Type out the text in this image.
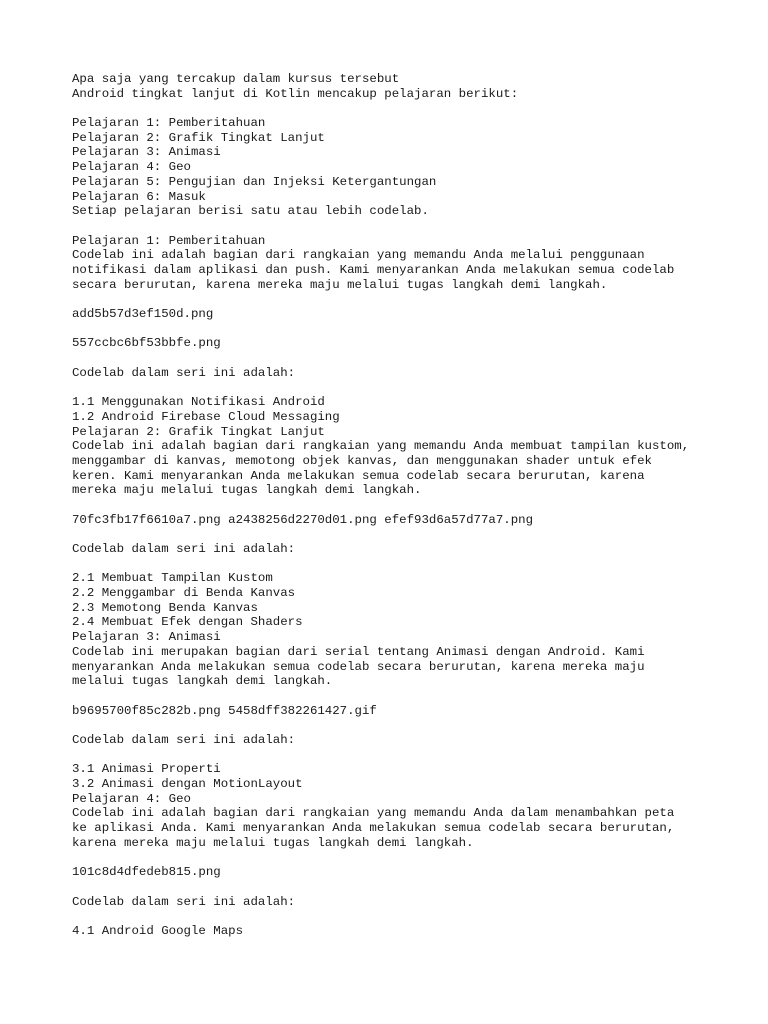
Apa saja yang tercakup dalam kursus tersebut
Android tingkat lanjut di Kotlin mencakup pelajaran berikut:
Pelajaran 1: Pemberitahuan
Pelajaran 2: Grafik Tingkat Lanjut
Pelajaran 3: Animasi
Pelajaran 4: Geo
Pelajaran 5: Pengujian dan Injeksi Ketergantungan
Pelajaran 6: Masuk
Setiap pelajaran berisi satu atau lebih codelab.
Pelajaran 1: Pemberitahuan
Codelab ini adalah bagian dari rangkaian yang memandu Anda melalui penggunaan
notifikasi dalam aplikasi dan push. Kami menyarankan Anda melakukan semua codelab
secara berurutan, karena mereka maju melalui tugas langkah demi langkah.
add5b57d3ef150d.png
557ccbc6bf53bbfe.png
Codelab dalam seri ini adalah:
1.1 Menggunakan Notifikasi Android
1.2 Android Firebase Cloud Messaging
Pelajaran 2: Grafik Tingkat Lanjut
Codelab ini adalah bagian dari rangkaian yang memandu Anda membuat tampilan kustom,
menggambar di kanvas, memotong objek kanvas, dan menggunakan shader untuk efek
keren. Kami menyarankan Anda melakukan semua codelab secara berurutan, karena
mereka maju melalui tugas langkah demi langkah.
70fc3fb17f6610a7.png a2438256d2270d01.png efef93d6a57d77a7.png
Codelab dalam seri ini adalah:
2.1 Membuat Tampilan Kustom
2.2 Menggambar di Benda Kanvas
2.3 Memotong Benda Kanvas
2.4 Membuat Efek dengan Shaders
Pelajaran 3: Animasi
Codelab ini merupakan bagian dari serial tentang Animasi dengan Android. Kami
menyarankan Anda melakukan semua codelab secara berurutan, karena mereka maju
melalui tugas langkah demi langkah.
b9695700f85c282b.png 5458dff382261427.gif
Codelab dalam seri ini adalah:
3.1 Animasi Properti
3.2 Animasi dengan MotionLayout
Pelajaran 4: Geo
Codelab ini adalah bagian dari rangkaian yang memandu Anda dalam menambahkan peta
ke aplikasi Anda. Kami menyarankan Anda melakukan semua codelab secara berurutan,
karena mereka maju melalui tugas langkah demi langkah.
101c8d4dfedeb815.png
Codelab dalam seri ini adalah:
4.1 Android Google Maps
